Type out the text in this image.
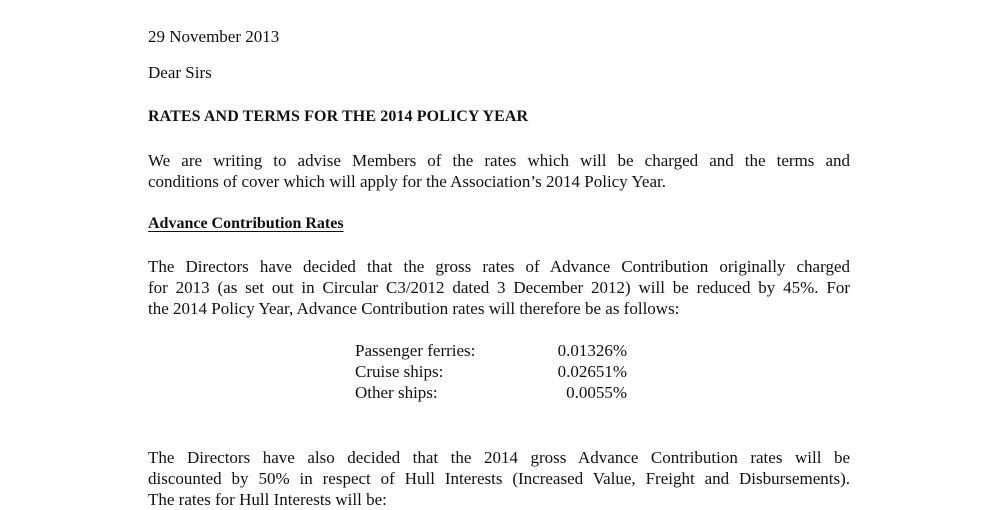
29 November 2013
Dear Sirs
RATES AND TERMS FOR THE 2014 POLICY YEAR
We are writing to advise Members of the rates which will be charged and the terms and
conditions of cover which will apply for the Association’s 2014 Policy Year.
Advance Contribution Rates
The Directors have decided that the gross rates of Advance Contribution originally charged
for 2013 (as set out in Circular C3/2012 dated 3 December 2012) will be reduced by 45%. For
the 2014 Policy Year, Advance Contribution rates will therefore be as follows:
Passenger ferries:	0.01326%
Cruise ships:	0.02651%
Other ships:	0.0055%
The Directors have also decided that the 2014 gross Advance Contribution rates will be
discounted by 50% in respect of Hull Interests (Increased Value, Freight and Disbursements).
The rates for Hull Interests will be:
